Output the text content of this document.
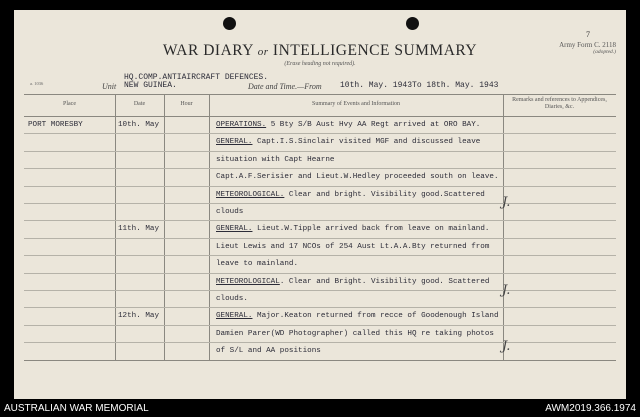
7
WAR DIARY or INTELLIGENCE SUMMARY
(Erase heading not required).
Army Form C. 2118
(adopted.)
a. 1036	Unit
HQ.COMP.ANTIAIRCRAFT DEFENCES.
NEW GUINEA.	Date and Time.—From 10th. May. 1943To 18th. May. 1943
Place	Date	Hour	Summary of Events and Information
Remarks and references to Appendices, Diaries, &c.
PORT MORESBY	10th. May	OPERATIONS. 5 Bty S/B Aust Hvy AA Regt arrived at ORO BAY.
GENERAL. Capt.I.S.Sinclair visited MGF and discussed leave
situation with Capt Hearne
Capt.A.F.Serisier and Lieut.W.Hedley proceeded south on leave.
METEOROLOGICAL. Clear and bright. Visibility good.Scattered
clouds
11th. May	GENERAL. Lieut.W.Tipple arrived back from leave on mainland.
Lieut Lewis and 17 NCOs of 254 Aust Lt.A.A.Bty returned from
leave to mainland.
METEOROLOGICAL. Clear and Bright. Visibility good. Scattered
clouds.
12th. May	GENERAL. Major.Keaton returned from recce of Goodenough Island
Damien Parer(WD Photographer) called this HQ re taking photos
of S/L and AA positions
J.
J.
J.
AUSTRALIAN WAR MEMORIAL	AWM2019.366.1974
